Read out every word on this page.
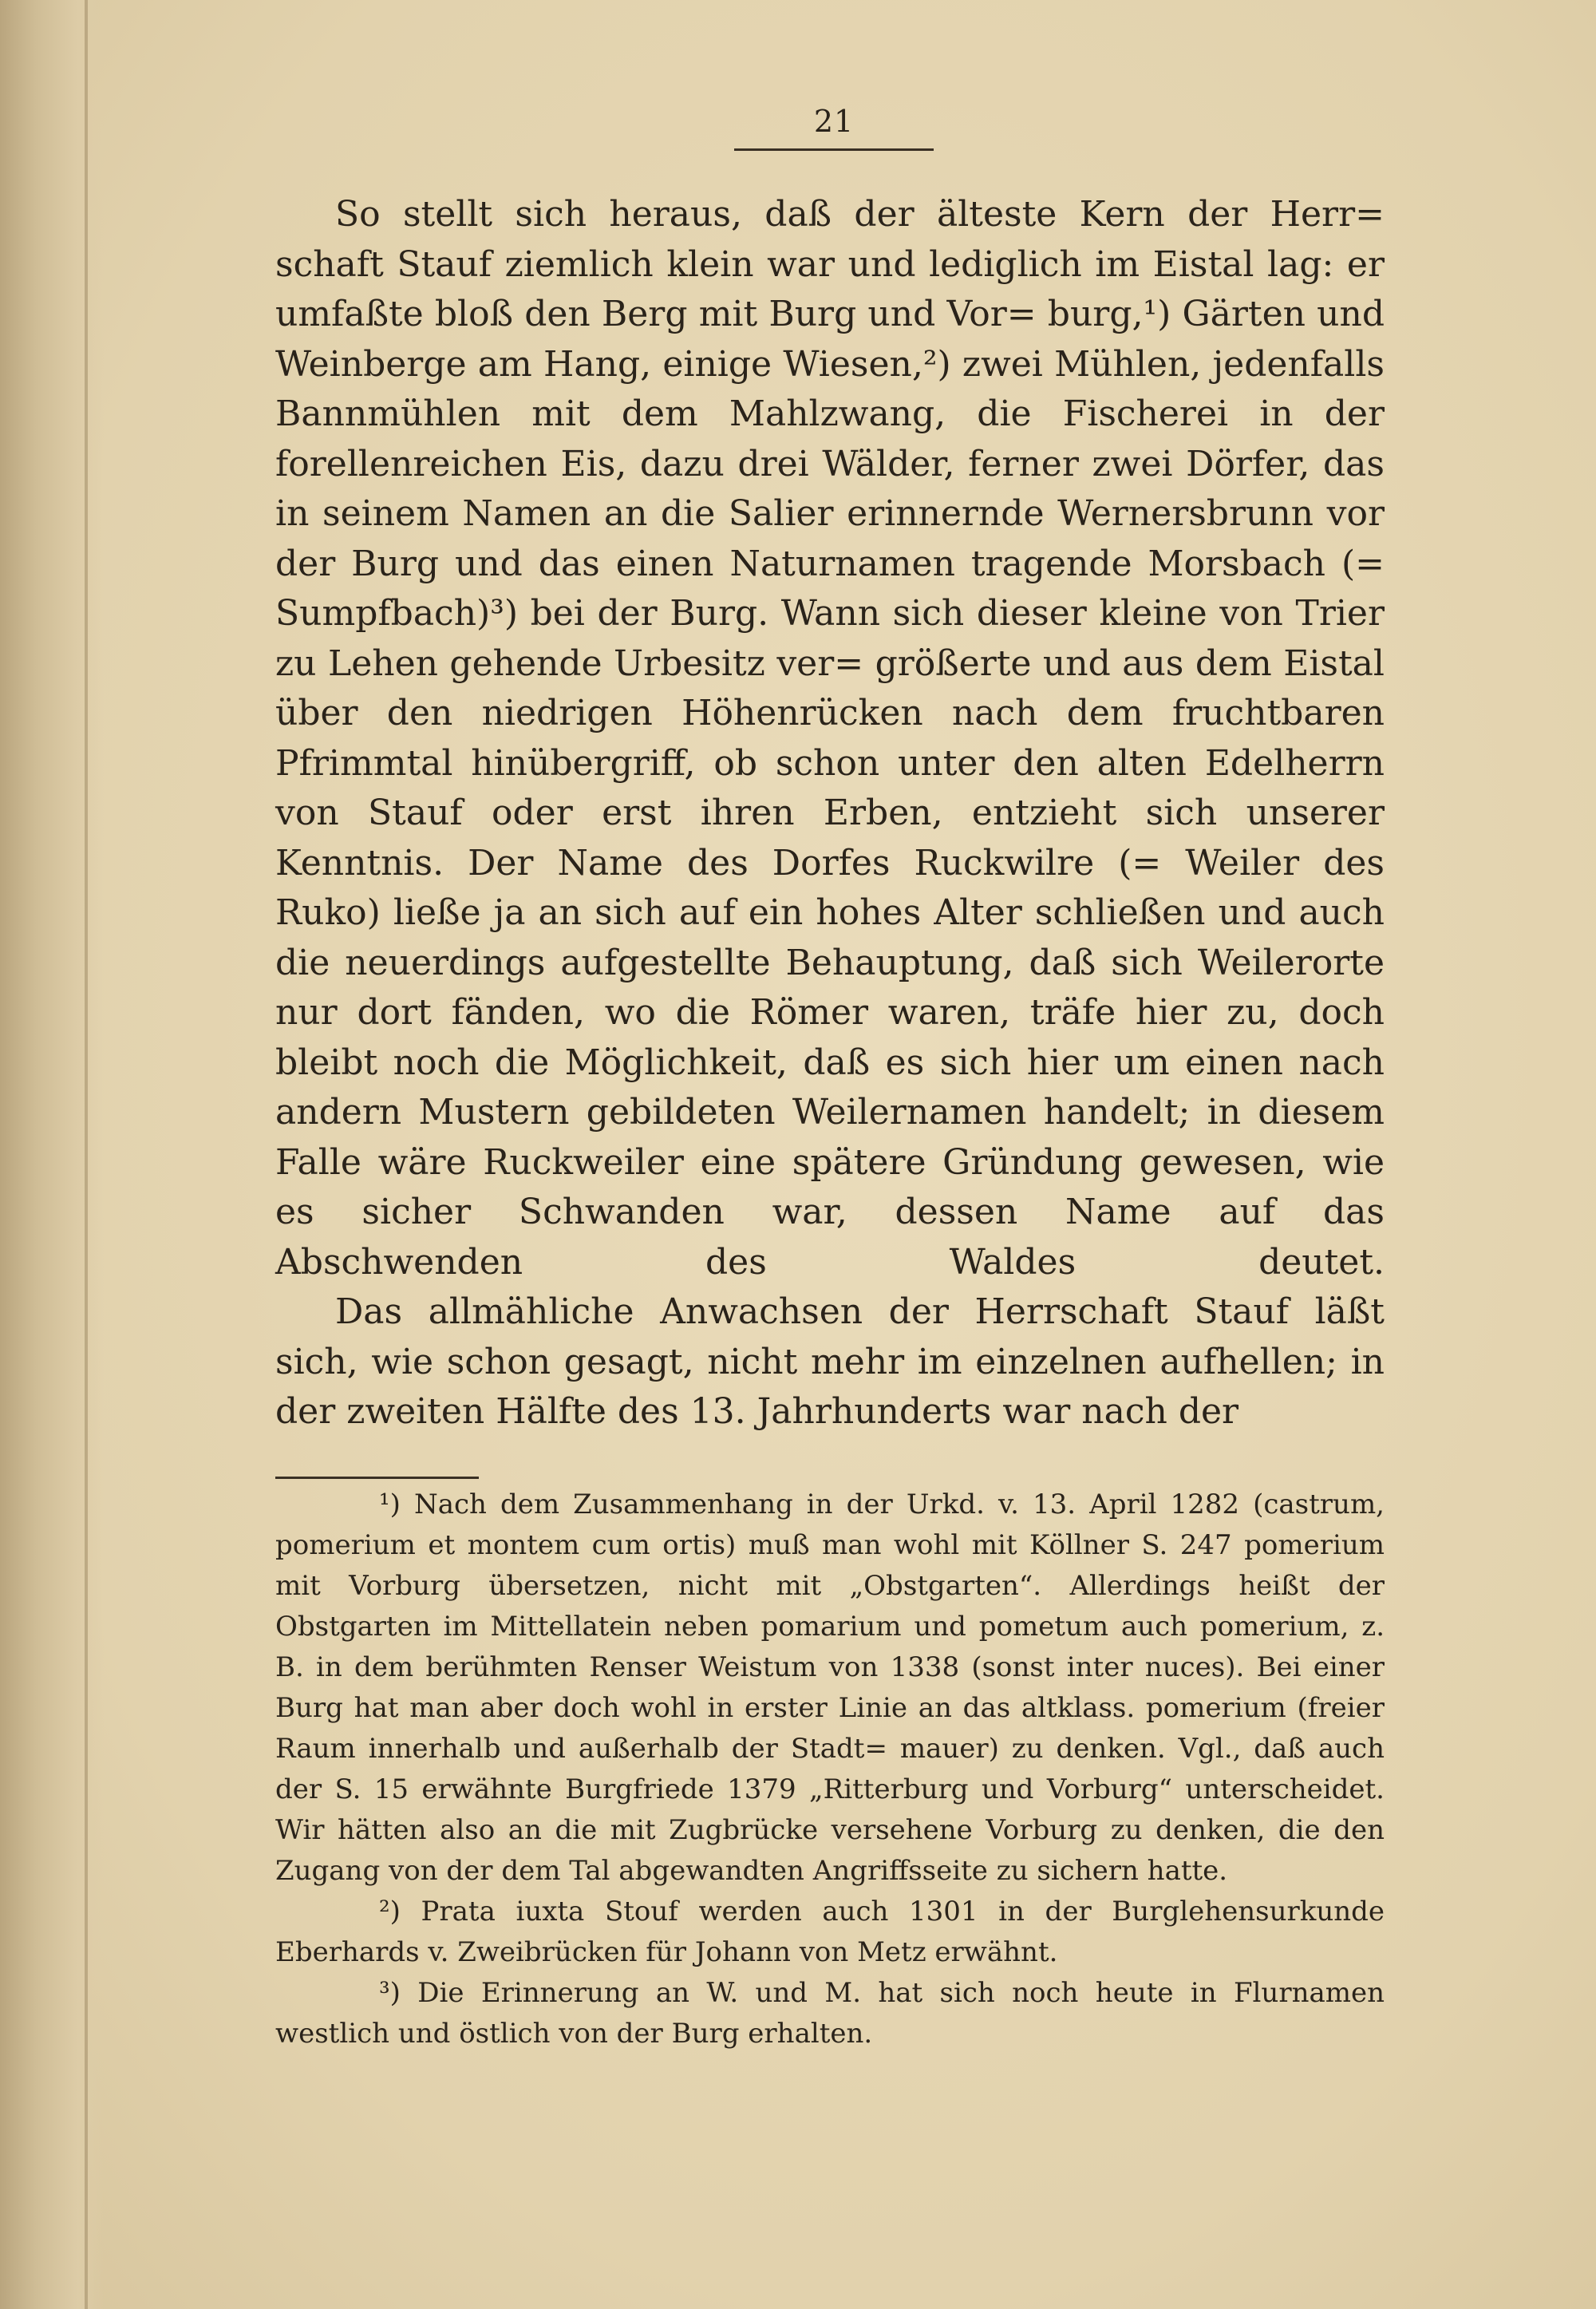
21

So stellt sich heraus, daß der älteste Kern der Herr= schaft Stauf ziemlich klein war und lediglich im Eistal lag: er umfaßte bloß den Berg mit Burg und Vor= burg,¹) Gärten und Weinberge am Hang, einige Wiesen,²) zwei Mühlen, jedenfalls Bannmühlen mit dem Mahlzwang, die Fischerei in der forellenreichen Eis, dazu drei Wälder, ferner zwei Dörfer, das in seinem Namen an die Salier erinnernde Wernersbrunn vor der Burg und das einen Naturnamen tragende Morsbach (= Sumpfbach)³) bei der Burg. Wann sich dieser kleine von Trier zu Lehen gehende Urbesitz ver= größerte und aus dem Eistal über den niedrigen Höhenrücken nach dem fruchtbaren Pfrimmtal hinübergriff, ob schon unter den alten Edelherrn von Stauf oder erst ihren Erben, entzieht sich unserer Kenntnis. Der Name des Dorfes Ruckwilre (= Weiler des Ruko) ließe ja an sich auf ein hohes Alter schließen und auch die neuerdings aufgestellte Behauptung, daß sich Weilerorte nur dort fänden, wo die Römer waren, träfe hier zu, doch bleibt noch die Möglichkeit, daß es sich hier um einen nach andern Mustern gebildeten Weilernamen handelt; in diesem Falle wäre Ruckweiler eine spätere Gründung gewesen, wie es sicher Schwanden war, dessen Name auf das Abschwenden des Waldes deutet.

Das allmähliche Anwachsen der Herrschaft Stauf läßt sich, wie schon gesagt, nicht mehr im einzelnen aufhellen; in der zweiten Hälfte des 13. Jahrhunderts war nach der

¹) Nach dem Zusammenhang in der Urkd. v. 13. April 1282 (castrum, pomerium et montem cum ortis) muß man wohl mit Köllner S. 247 pomerium mit Vorburg übersetzen, nicht mit „Obstgarten“. Allerdings heißt der Obstgarten im Mittellatein neben pomarium und pometum auch pomerium, z. B. in dem berühmten Renser Weistum von 1338 (sonst inter nuces). Bei einer Burg hat man aber doch wohl in erster Linie an das altklass. pomerium (freier Raum innerhalb und außerhalb der Stadt= mauer) zu denken. Vgl., daß auch der S. 15 erwähnte Burgfriede 1379 „Ritterburg und Vorburg“ unterscheidet. Wir hätten also an die mit Zugbrücke versehene Vorburg zu denken, die den Zugang von der dem Tal abgewandten Angriffsseite zu sichern hatte.

²) Prata iuxta Stouf werden auch 1301 in der Burglehensurkunde Eberhards v. Zweibrücken für Johann von Metz erwähnt.

³) Die Erinnerung an W. und M. hat sich noch heute in Flurnamen westlich und östlich von der Burg erhalten.
